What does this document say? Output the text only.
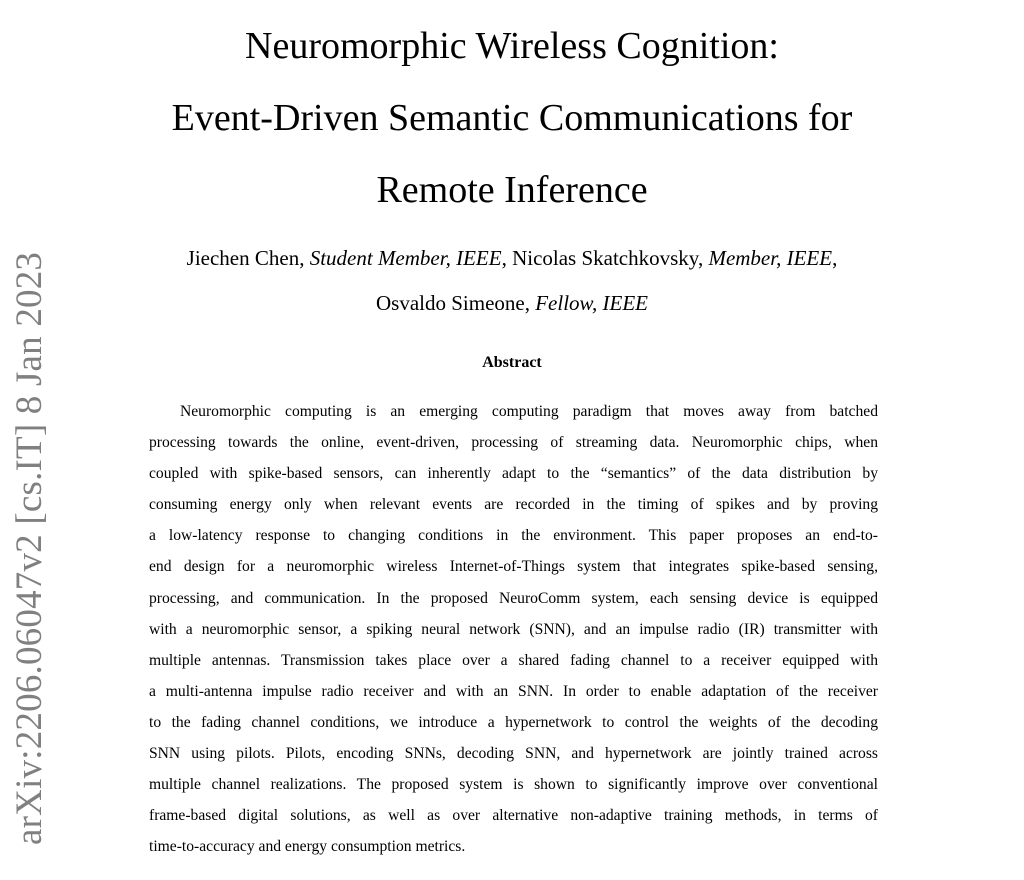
arXiv:2206.06047v2 [cs.IT] 8 Jan 2023
Neuromorphic Wireless Cognition:
Event-Driven Semantic Communications for
Remote Inference
Jiechen Chen, Student Member, IEEE, Nicolas Skatchkovsky, Member, IEEE,
Osvaldo Simeone, Fellow, IEEE
Abstract
Neuromorphic computing is an emerging computing paradigm that moves away from batched
processing towards the online, event-driven, processing of streaming data. Neuromorphic chips, when
coupled with spike-based sensors, can inherently adapt to the “semantics” of the data distribution by
consuming energy only when relevant events are recorded in the timing of spikes and by proving
a low-latency response to changing conditions in the environment. This paper proposes an end-to-
end design for a neuromorphic wireless Internet-of-Things system that integrates spike-based sensing,
processing, and communication. In the proposed NeuroComm system, each sensing device is equipped
with a neuromorphic sensor, a spiking neural network (SNN), and an impulse radio (IR) transmitter with
multiple antennas. Transmission takes place over a shared fading channel to a receiver equipped with
a multi-antenna impulse radio receiver and with an SNN. In order to enable adaptation of the receiver
to the fading channel conditions, we introduce a hypernetwork to control the weights of the decoding
SNN using pilots. Pilots, encoding SNNs, decoding SNN, and hypernetwork are jointly trained across
multiple channel realizations. The proposed system is shown to significantly improve over conventional
frame-based digital solutions, as well as over alternative non-adaptive training methods, in terms of
time-to-accuracy and energy consumption metrics.
